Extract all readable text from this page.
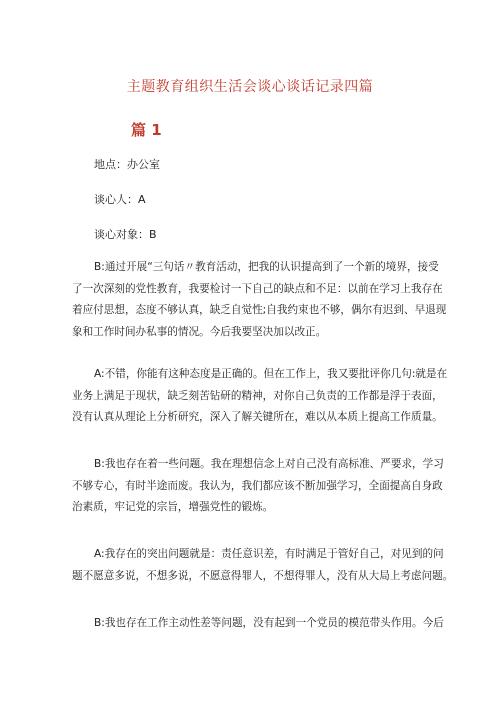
主题教育组织生活会谈心谈话记录四篇
篇 1
地点：办公室
谈心人：A
谈心对象：B

B:通过开展“三句话〃教育活动，把我的认识提高到了一个新的境界，接受
了一次深刻的党性教育，我要检讨一下自己的缺点和不足：以前在学习上我存在
着应付思想，态度不够认真，缺乏自觉性;自我约束也不够，偶尔有迟到、早退现
象和工作时间办私事的情况。今后我要坚决加以改正。

A:不错，你能有这种态度是正确的。但在工作上，我又要批评你几句:就是在
业务上满足于现状，缺乏刻苦钻研的精神，对你自己负责的工作都是浮于表面，
没有认真从理论上分析研究，深入了解关键所在，难以从本质上提高工作质量。

B:我也存在着一些问题。我在理想信念上对自己没有高标准、严要求，学习
不够专心，有时半途而废。我认为，我们都应该不断加强学习，全面提高自身政
治素质，牢记党的宗旨，增强党性的锻炼。

A:我存在的突出问题就是：责任意识差，有时满足于管好自己，对见到的问
题不愿意多说，不想多说，不愿意得罪人，不想得罪人，没有从大局上考虑问题。

B:我也存在工作主动性差等问题，没有起到一个党员的模范带头作用。今后
